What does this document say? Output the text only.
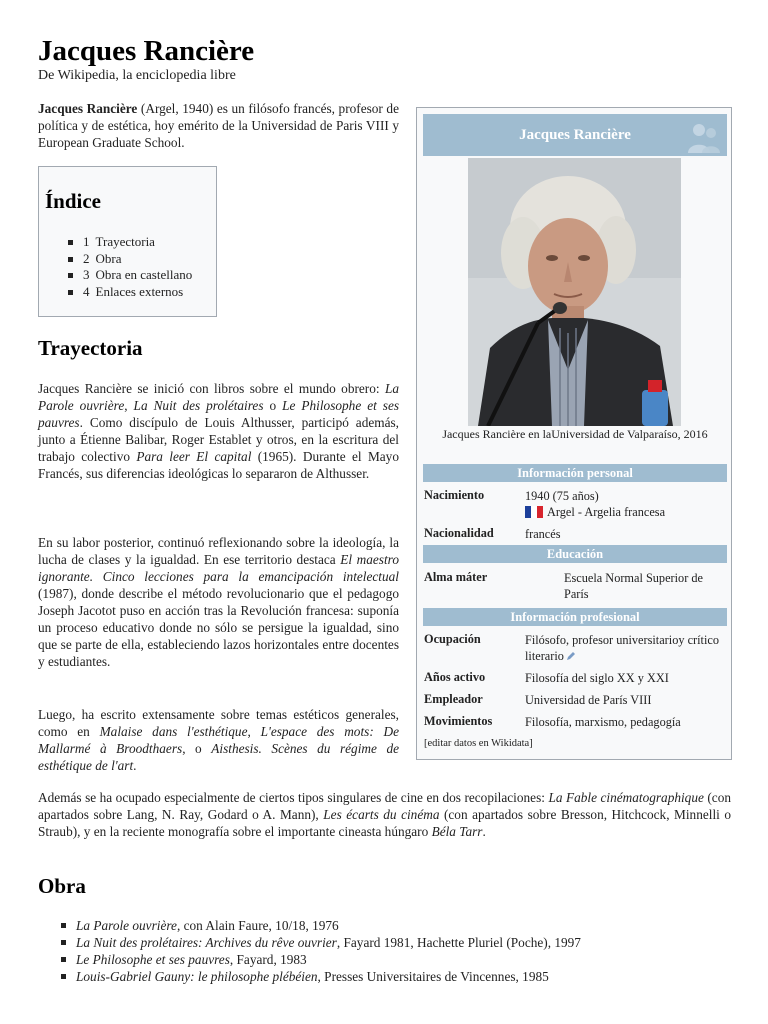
Jacques Rancière
De Wikipedia, la enciclopedia libre

Jacques Rancière (Argel, 1940) es un filósofo francés, profesor de política y de estética, hoy emérito de la Universidad de Paris VIII y European Graduate School.

Índice
1 Trayectoria
2 Obra
3 Obra en castellano
4 Enlaces externos
Trayectoria

Jacques Rancière se inició con libros sobre el mundo obrero: La Parole ouvrière, La Nuit des prolétaires o Le Philosophe et ses pauvres. Como discípulo de Louis Althusser, participó además, junto a Étienne Balibar, Roger Establet y otros, en la escritura del trabajo colectivo Para leer El capital (1965). Durante el Mayo Francés, sus diferencias ideológicas lo separaron de Althusser.

En su labor posterior, continuó reflexionando sobre la ideología, la lucha de clases y la igualdad. En ese territorio destaca El maestro ignorante. Cinco lecciones para la emancipación intelectual (1987), donde describe el método revolucionario que el pedagogo Joseph Jacotot puso en acción tras la Revolución francesa: suponía un proceso educativo donde no sólo se persigue la igualdad, sino que se parte de ella, estableciendo lazos horizontales entre docentes y estudiantes.

Luego, ha escrito extensamente sobre temas estéticos generales, como en Malaise dans l'esthétique, L'espace des mots: De Mallarmé à Broodthaers, o Aisthesis. Scènes du régime de esthétique de l'art.

Además se ha ocupado especialmente de ciertos tipos singulares de cine en dos recopilaciones: La Fable cinématographique (con apartados sobre Lang, N. Ray, Godard o A. Mann), Les écarts du cinéma (con apartados sobre Bresson, Hitchcock, Minnelli o Straub), y en la reciente monografía sobre el importante cineasta húngaro Béla Tarr.

Obra
La Parole ouvrière, con Alain Faure, 10/18, 1976
La Nuit des prolétaires: Archives du rêve ouvrier, Fayard 1981, Hachette Pluriel (Poche), 1997
Le Philosophe et ses pauvres, Fayard, 1983
Louis-Gabriel Gauny: le philosophe plébéien, Presses Universitaires de Vincennes, 1985
Jacques Rancière
Jacques Rancière en laUniversidad de Valparaíso, 2016
Información personal
Nacimiento	1940 (75 años)
Argel - Argelia francesa
Nacionalidad	francés
Educación
Alma máter	Escuela Normal Superior de París
Información profesional
Ocupación	Filósofo, profesor universitarioy crítico literario
Años activo	Filosofía del siglo XX y XXI
Empleador	Universidad de París VIII
Movimientos	Filosofía, marxismo, pedagogía
[editar datos en Wikidata]
